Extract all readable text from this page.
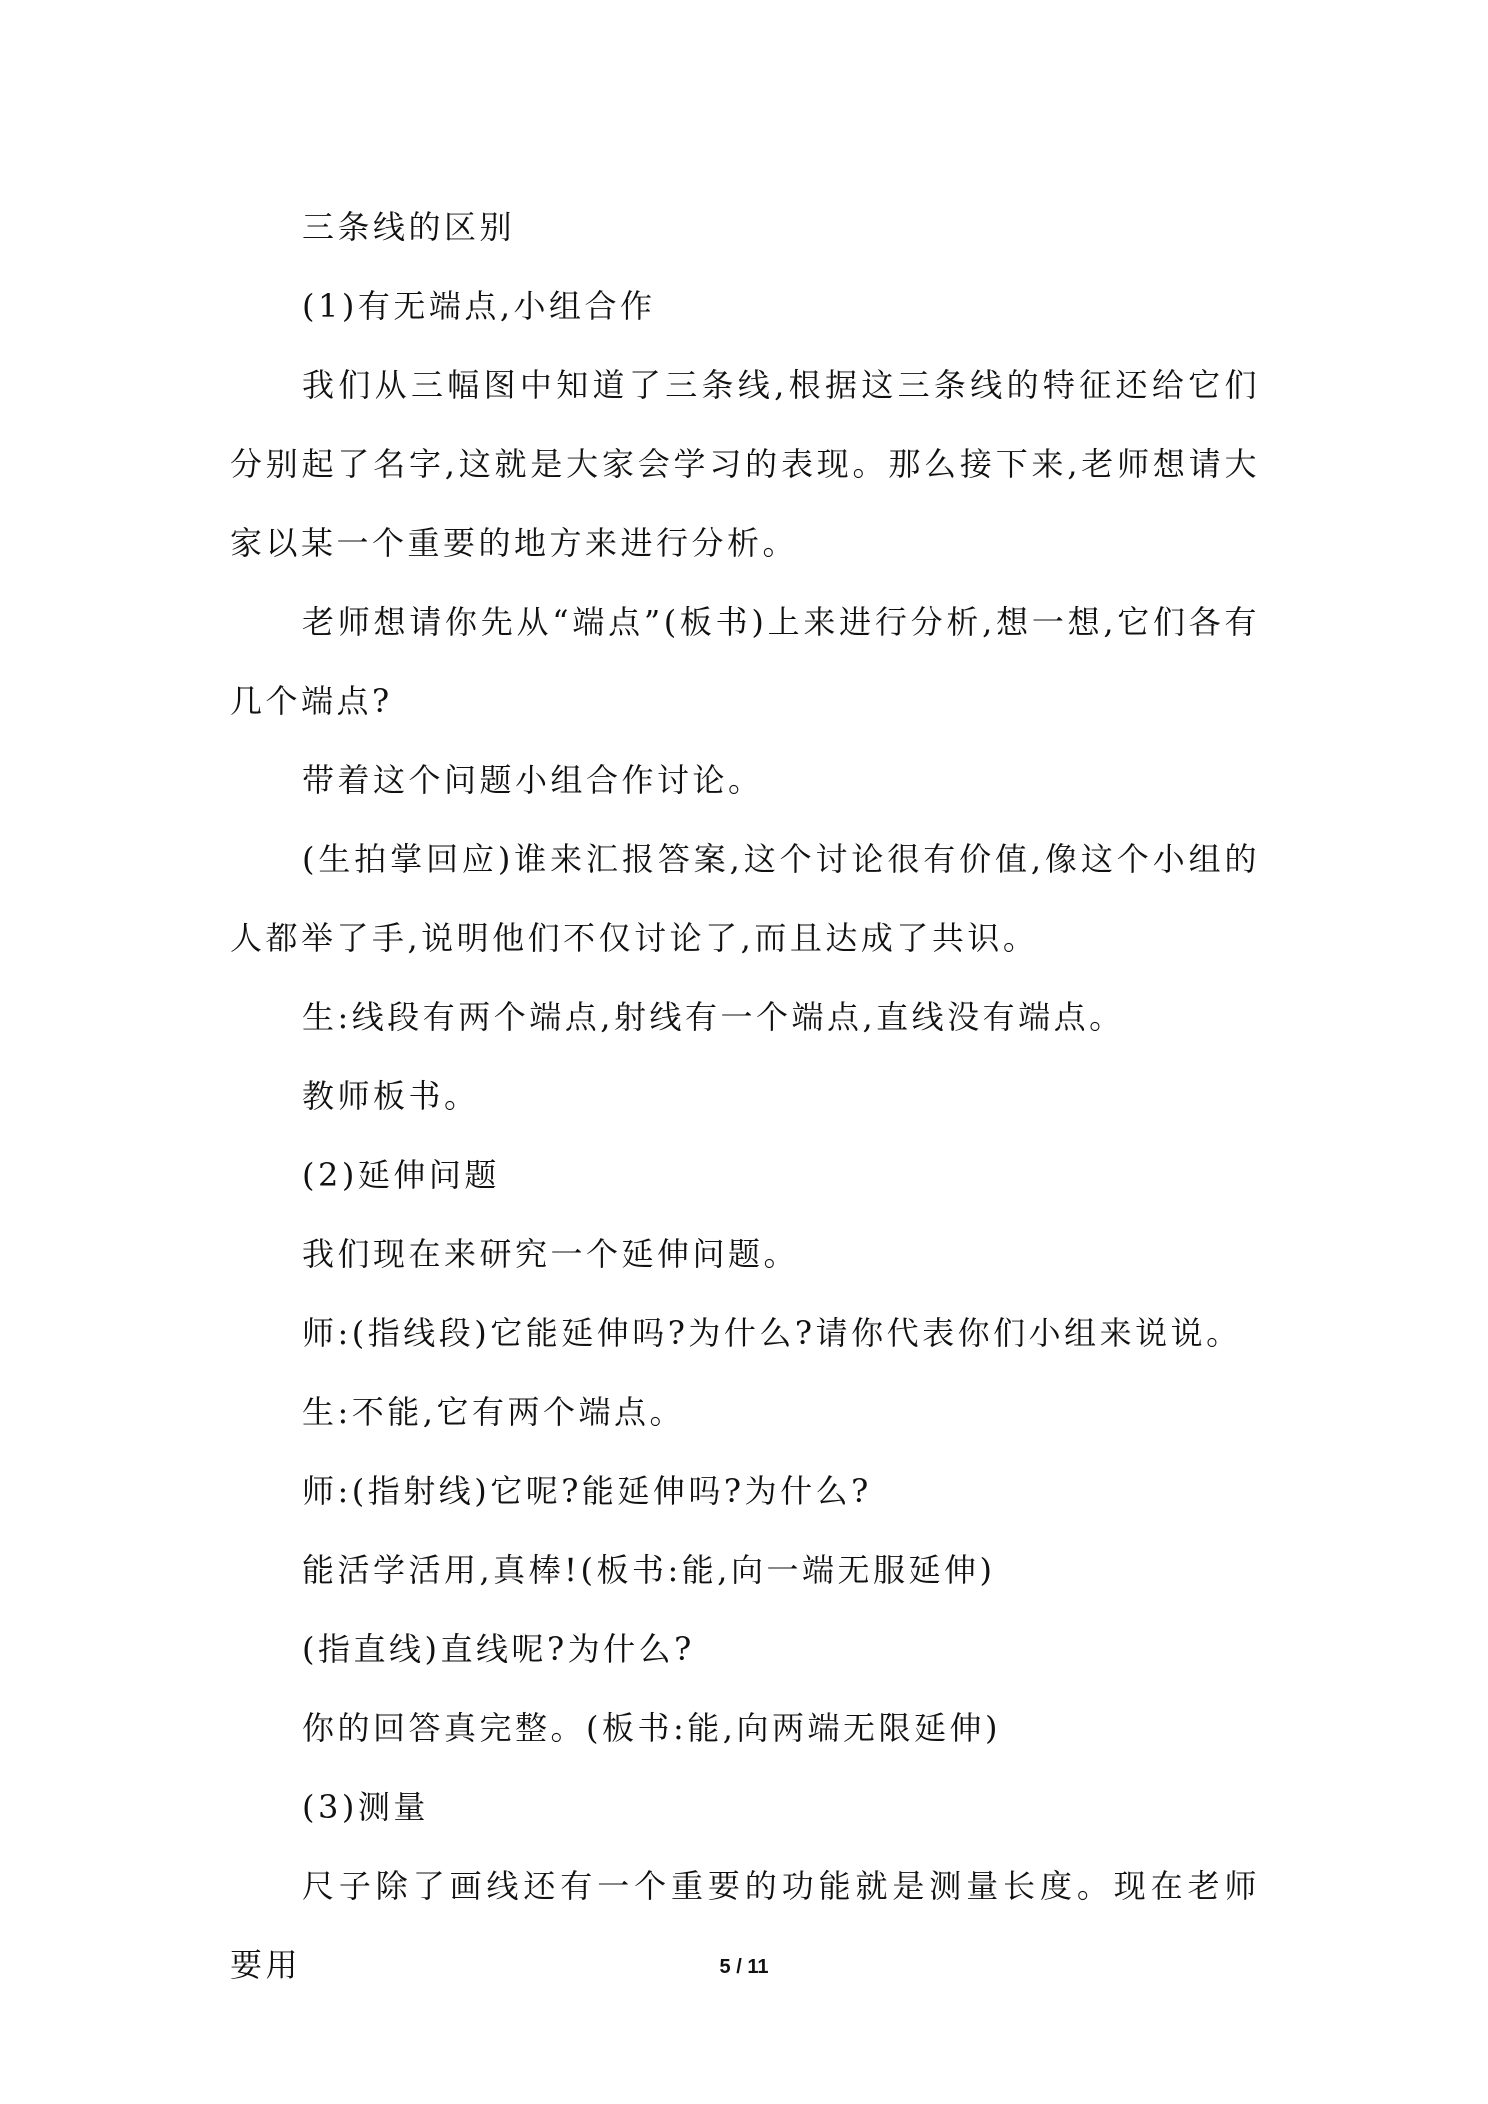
三条线的区别

(1)有无端点,小组合作

我们从三幅图中知道了三条线,根据这三条线的特征还给它们分别起了名字,这就是大家会学习的表现。那么接下来,老师想请大家以某一个重要的地方来进行分析。

老师想请你先从“端点”(板书)上来进行分析,想一想,它们各有几个端点?

带着这个问题小组合作讨论。

(生拍掌回应)谁来汇报答案,这个讨论很有价值,像这个小组的人都举了手,说明他们不仅讨论了,而且达成了共识。

生:线段有两个端点,射线有一个端点,直线没有端点。

教师板书。

(2)延伸问题

我们现在来研究一个延伸问题。

师:(指线段)它能延伸吗?为什么?请你代表你们小组来说说。

生:不能,它有两个端点。

师:(指射线)它呢?能延伸吗?为什么?

能活学活用,真棒!(板书:能,向一端无服延伸)

(指直线)直线呢?为什么?

你的回答真完整。(板书:能,向两端无限延伸)

(3)测量

尺子除了画线还有一个重要的功能就是测量长度。现在老师要用	5 / 11
